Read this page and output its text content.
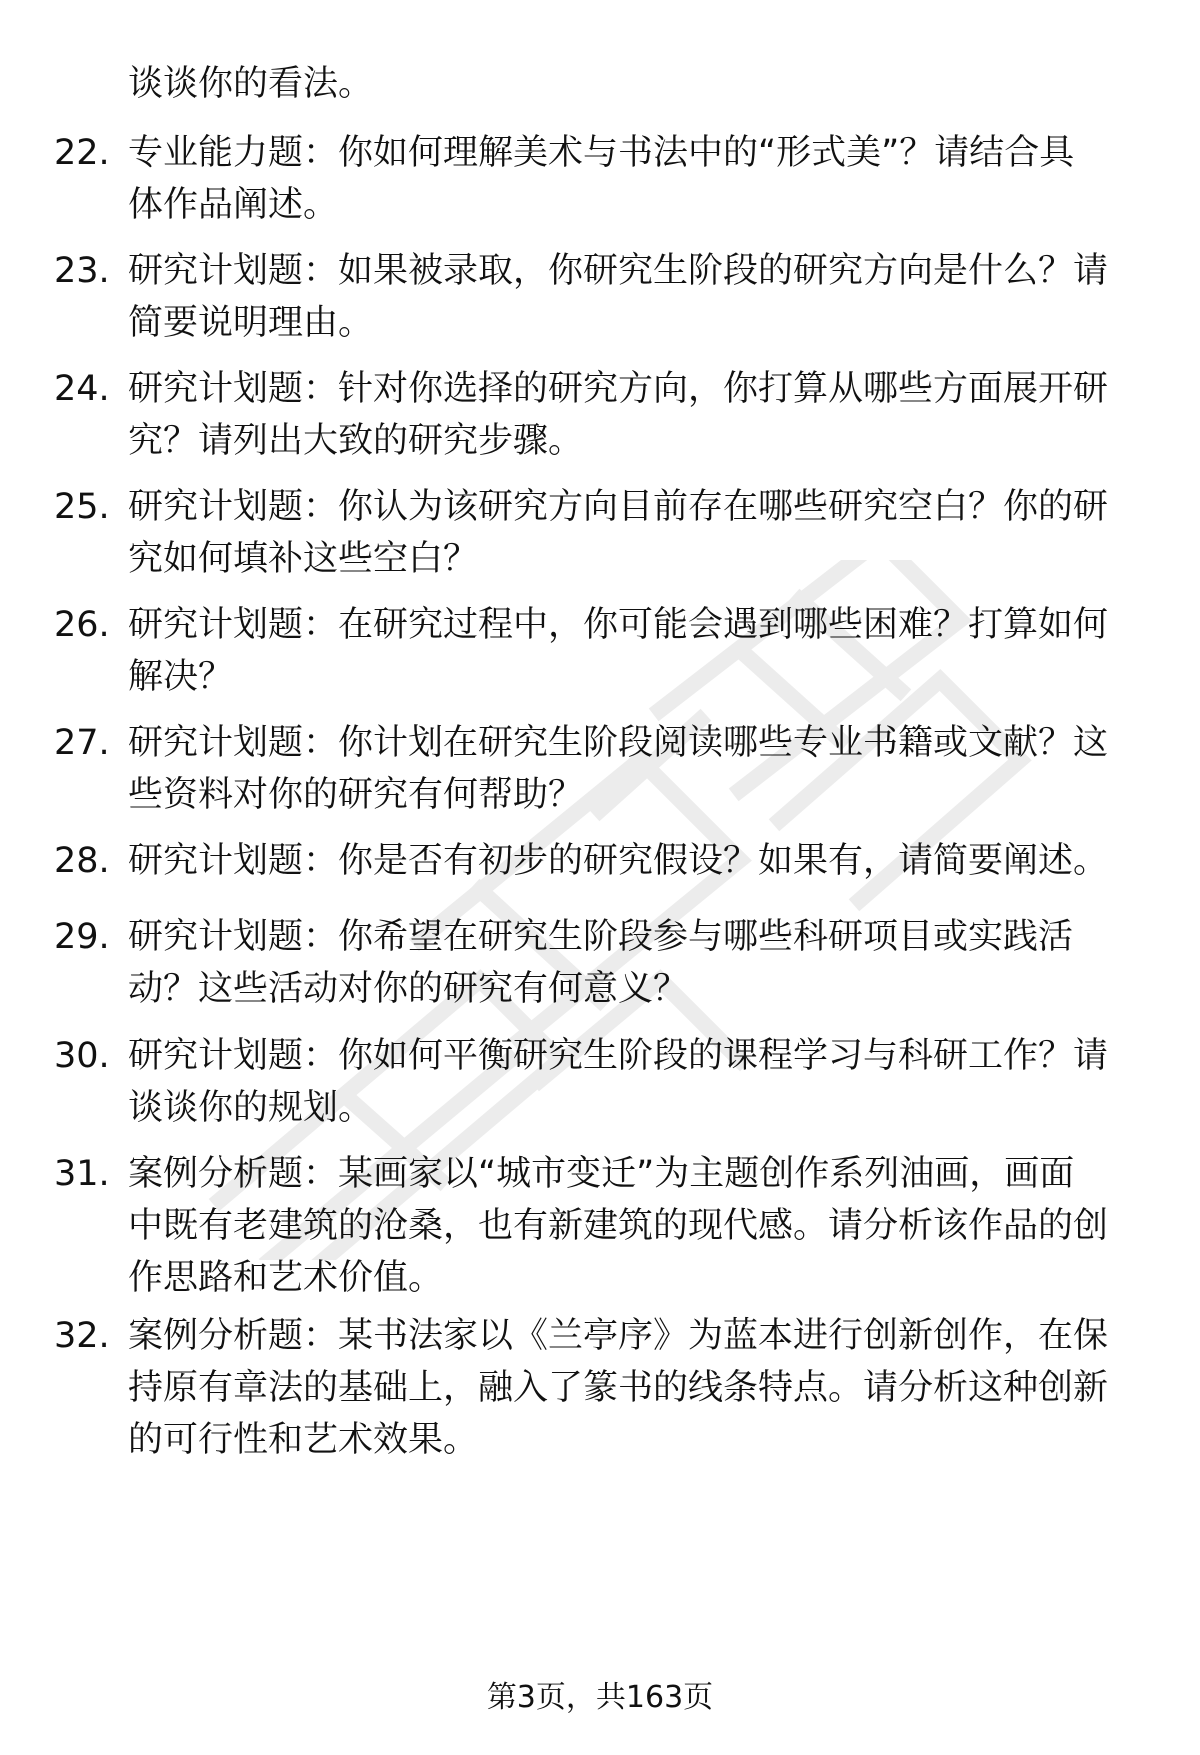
谈谈你的看法。

22. 专业能力题：你如何理解美术与书法中的“形式美”？请结合具
体作品阐述。

23. 研究计划题：如果被录取，你研究生阶段的研究方向是什么？请
简要说明理由。

24. 研究计划题：针对你选择的研究方向，你打算从哪些方面展开研
究？请列出大致的研究步骤。

25. 研究计划题：你认为该研究方向目前存在哪些研究空白？你的研
究如何填补这些空白？

26. 研究计划题：在研究过程中，你可能会遇到哪些困难？打算如何
解决？

27. 研究计划题：你计划在研究生阶段阅读哪些专业书籍或文献？这
些资料对你的研究有何帮助？

28. 研究计划题：你是否有初步的研究假设？如果有，请简要阐述。

29. 研究计划题：你希望在研究生阶段参与哪些科研项目或实践活
动？这些活动对你的研究有何意义？

30. 研究计划题：你如何平衡研究生阶段的课程学习与科研工作？请
谈谈你的规划。

31. 案例分析题：某画家以“城市变迁”为主题创作系列油画，画面
中既有老建筑的沧桑，也有新建筑的现代感。请分析该作品的创
作思路和艺术价值。

32. 案例分析题：某书法家以《兰亭序》为蓝本进行创新创作，在保
持原有章法的基础上，融入了篆书的线条特点。请分析这种创新
的可行性和艺术效果。

第3页，共163页
